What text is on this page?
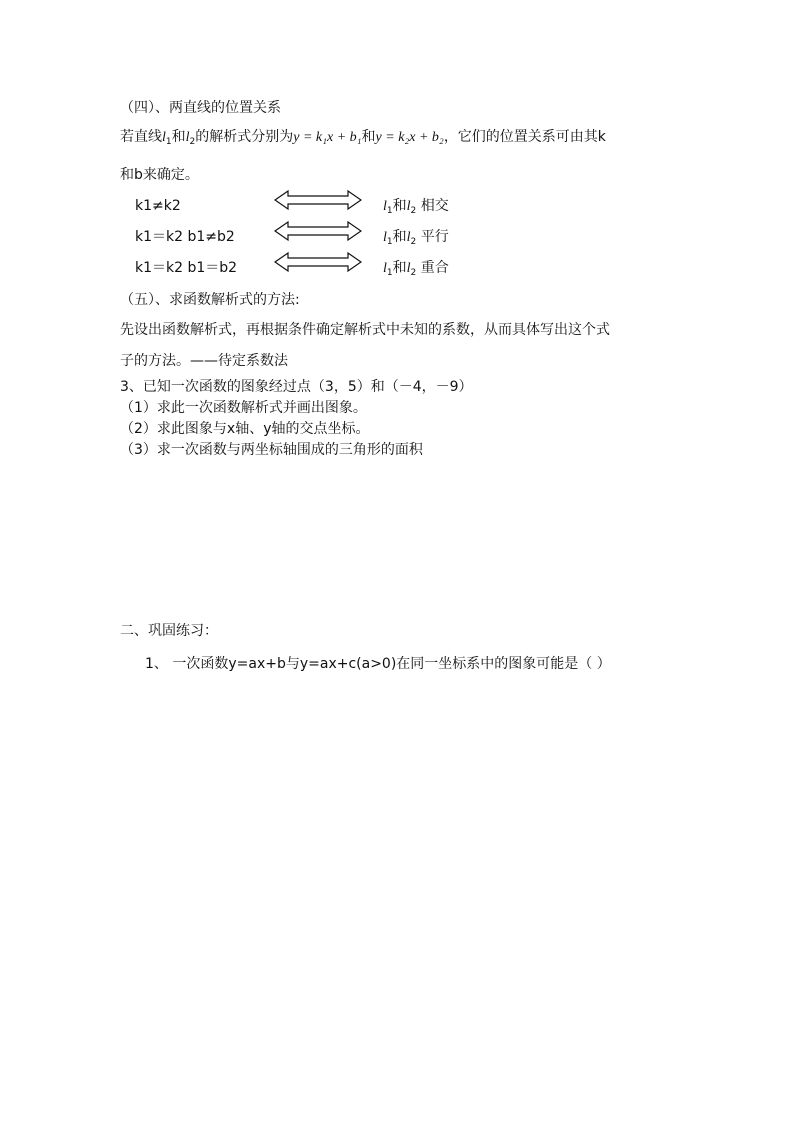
（四）、两直线的位置关系
若直线$l_1$和$l_2$的解析式分别为y = k₁x + b₁和y = k₂x + b₂，它们的位置关系可由其k
和b来确定。
k1≠k2	$l_1$和$l_2$ 相交
k1＝k2 b1≠b2	$l_1$和$l_2$ 平行
k1＝k2 b1＝b2	$l_1$和$l_2$ 重合
（五）、求函数解析式的方法:
先设出函数解析式，再根据条件确定解析式中未知的系数，从而具体写出这个式
子的方法。——待定系数法
3、已知一次函数的图象经过点（3，5）和（－4，－9）
（1）求此一次函数解析式并画出图象。
（2）求此图象与x轴、y轴的交点坐标。
（3）求一次函数与两坐标轴围成的三角形的面积
二、巩固练习：
1、 一次函数y=ax+b与y=ax+c(a>0)在同一坐标系中的图象可能是（ ）
